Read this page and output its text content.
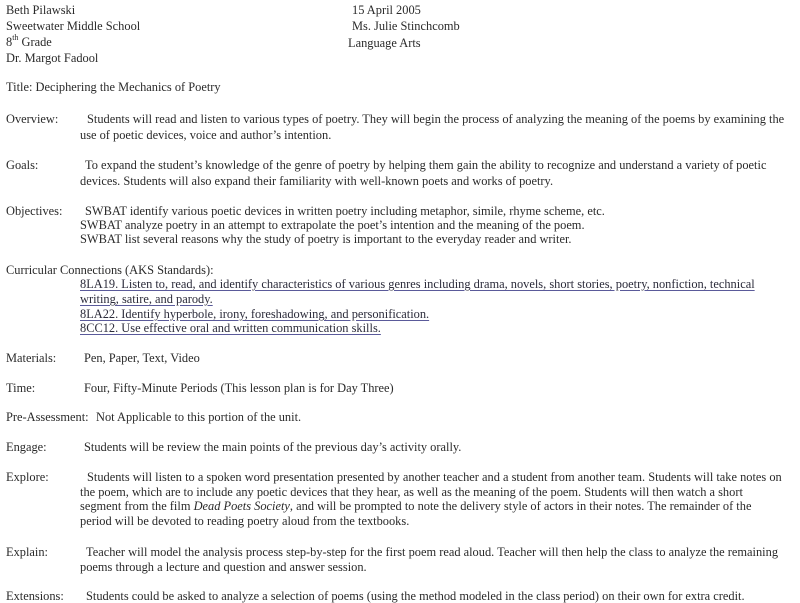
Beth Pilawski
Sweetwater Middle School
8th Grade
Dr. Margot Fadool
15 April 2005
Ms. Julie Stinchcomb
Language Arts
Title: Deciphering the Mechanics of Poetry
Overview: Students will read and listen to various types of poetry. They will begin the process of analyzing the meaning of the poems by examining the
use of poetic devices, voice and author’s intention.
Goals:	To expand the student’s knowledge of the genre of poetry by helping them gain the ability to recognize and understand a variety of poetic
devices. Students will also expand their familiarity with well-known poets and works of poetry.
Objectives: SWBAT identify various poetic devices in written poetry including metaphor, simile, rhyme scheme, etc.
SWBAT analyze poetry in an attempt to extrapolate the poet’s intention and the meaning of the poem.
SWBAT list several reasons why the study of poetry is important to the everyday reader and writer.
Curricular Connections (AKS Standards):
8LA19. Listen to, read, and identify characteristics of various genres including drama, novels, short stories, poetry, nonfiction, technical
writing, satire, and parody.
8LA22. Identify hyperbole, irony, foreshadowing, and personification.
8CC12. Use effective oral and written communication skills.
Materials: Pen, Paper, Text, Video
Time:	Four, Fifty-Minute Periods (This lesson plan is for Day Three)
Pre-Assessment: Not Applicable to this portion of the unit.
Engage:	Students will be review the main points of the previous day’s activity orally.
Explore:	Students will listen to a spoken word presentation presented by another teacher and a student from another team. Students will take notes on
the poem, which are to include any poetic devices that they hear, as well as the meaning of the poem. Students will then watch a short
segment from the film Dead Poets Society, and will be prompted to note the delivery style of actors in their notes. The remainder of the
period will be devoted to reading poetry aloud from the textbooks.
Explain:	Teacher will model the analysis process step-by-step for the first poem read aloud. Teacher will then help the class to analyze the remaining
poems through a lecture and question and answer session.
Extensions: Students could be asked to analyze a selection of poems (using the method modeled in the class period) on their own for extra credit.
